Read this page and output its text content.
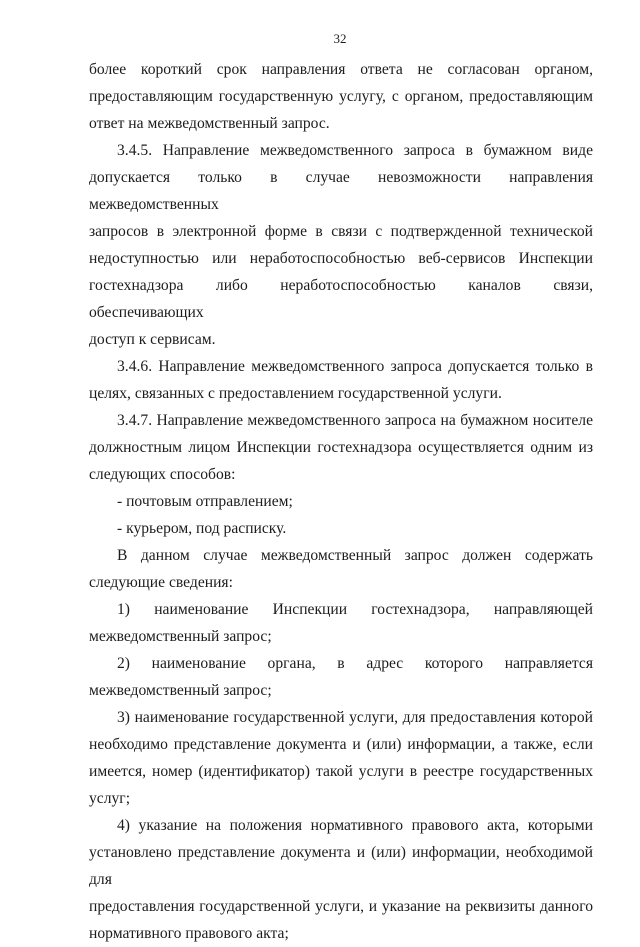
32

более короткий срок направления ответа не согласован органом,
предоставляющим государственную услугу, с органом, предоставляющим
ответ на межведомственный запрос.

3.4.5. Направление межведомственного запроса в бумажном виде
допускается только в случае невозможности направления межведомственных
запросов в электронной форме в связи с подтвержденной технической
недоступностью или неработоспособностью веб-сервисов Инспекции
гостехнадзора либо неработоспособностью каналов связи, обеспечивающих
доступ к сервисам.

3.4.6. Направление межведомственного запроса допускается только в
целях, связанных с предоставлением государственной услуги.

3.4.7. Направление межведомственного запроса на бумажном носителе
должностным лицом Инспекции гостехнадзора осуществляется одним из
следующих способов:

- почтовым отправлением;

- курьером, под расписку.

В данном случае межведомственный запрос должен содержать
следующие сведения:

1) наименование Инспекции гостехнадзора, направляющей
межведомственный запрос;

2) наименование органа, в адрес которого направляется
межведомственный запрос;

3) наименование государственной услуги, для предоставления которой
необходимо представление документа и (или) информации, а также, если
имеется, номер (идентификатор) такой услуги в реестре государственных
услуг;

4) указание на положения нормативного правового акта, которыми
установлено представление документа и (или) информации, необходимой для
предоставления государственной услуги, и указание на реквизиты данного
нормативного правового акта;
